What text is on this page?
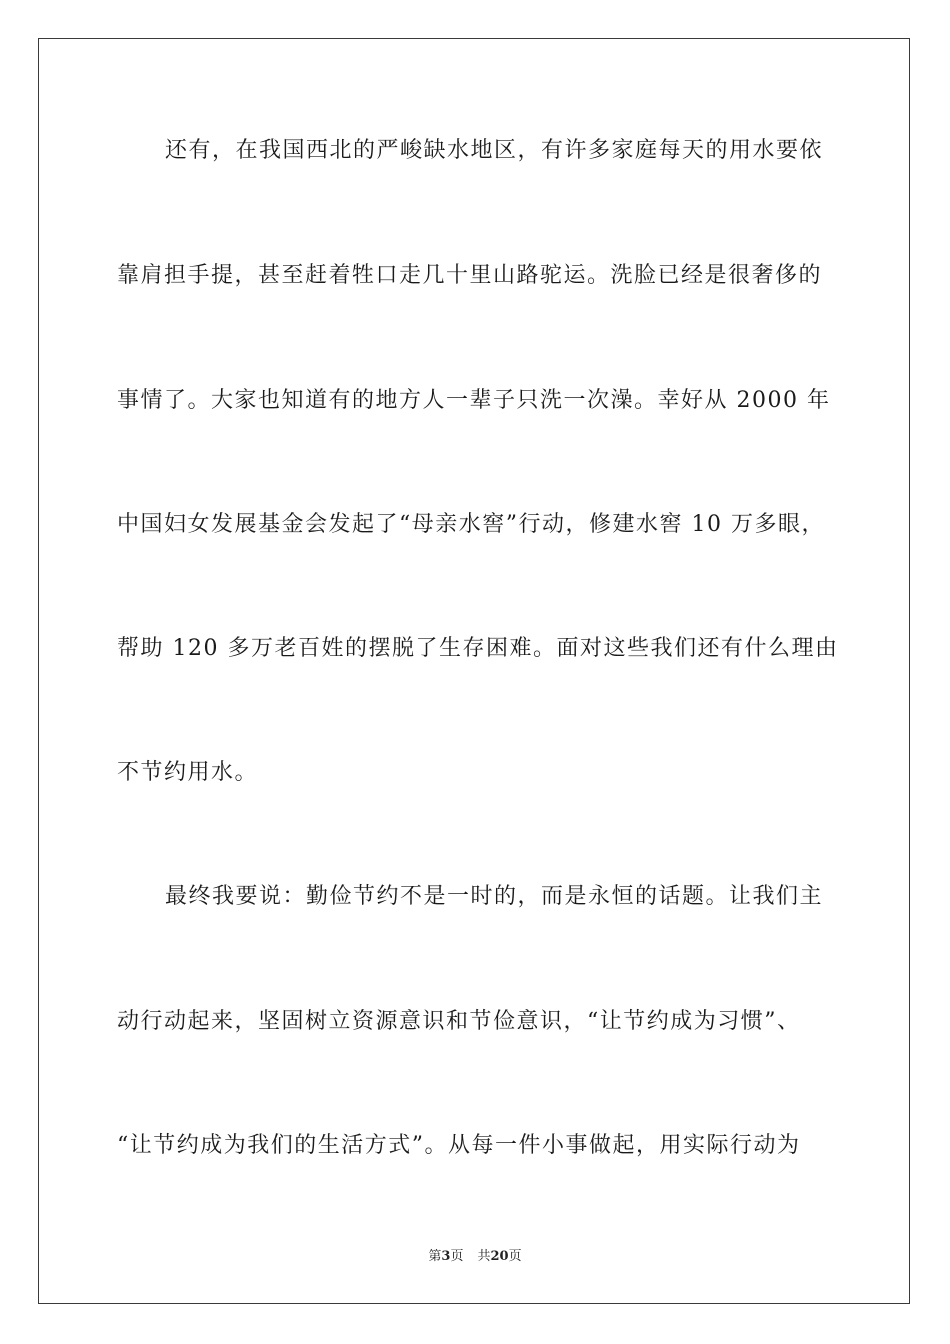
还有，在我国西北的严峻缺水地区，有许多家庭每天的用水要依
靠肩担手提，甚至赶着牲口走几十里山路驼运。洗脸已经是很奢侈的
事情了。大家也知道有的地方人一辈子只洗一次澡。幸好从 2000 年
中国妇女发展基金会发起了“母亲水窖”行动，修建水窖 10 万多眼，
帮助 120 多万老百姓的摆脱了生存困难。面对这些我们还有什么理由
不节约用水。
最终我要说：勤俭节约不是一时的，而是永恒的话题。让我们主
动行动起来，坚固树立资源意识和节俭意识，“让节约成为习惯”、
“让节约成为我们的生活方式”。从每一件小事做起，用实际行动为
第3页 共20页
